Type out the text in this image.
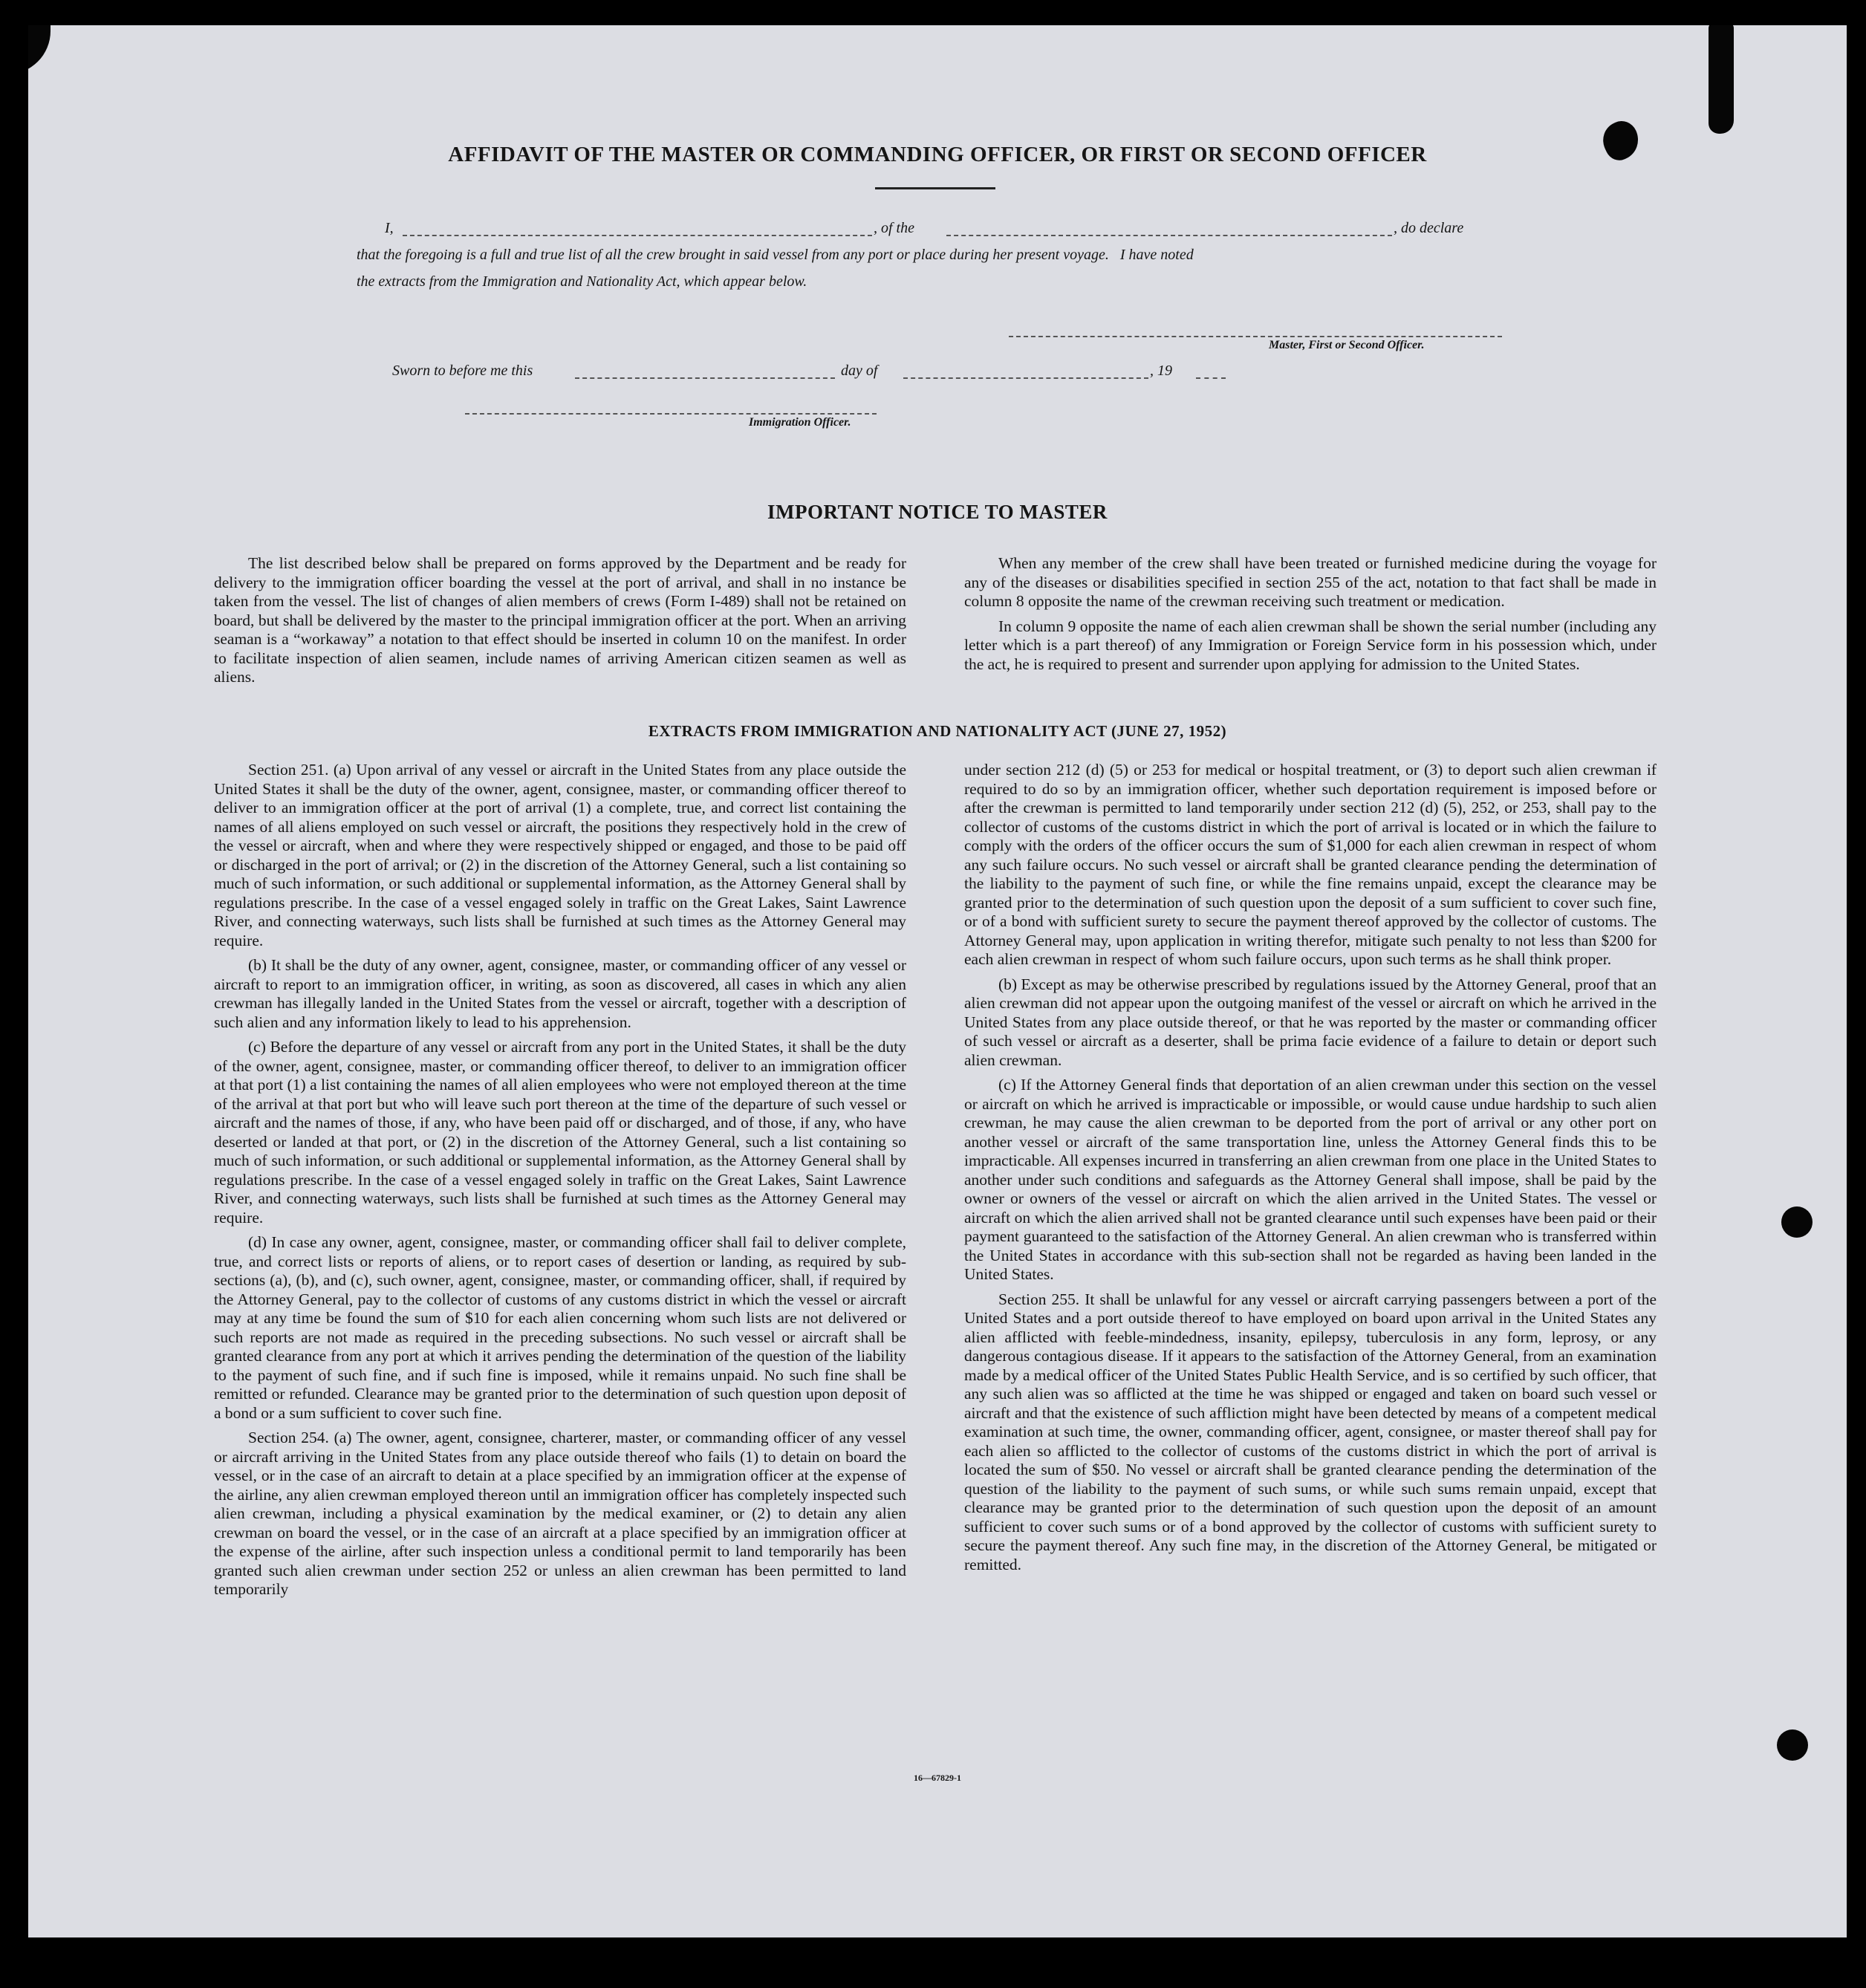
AFFIDAVIT OF THE MASTER OR COMMANDING OFFICER, OR FIRST OR SECOND OFFICER
I,	, of the	, do declare
that the foregoing is a full and true list of all the crew brought in said vessel from any port or place during her present voyage.   I have noted
the extracts from the Immigration and Nationality Act, which appear below.
Master, First or Second Officer.
Sworn to before me this	day of	, 19
Immigration Officer.
IMPORTANT NOTICE TO MASTER

The list described below shall be prepared on forms approved by the Department and be ready for delivery to the immigration officer boarding the vessel at the port of arrival, and shall in no instance be taken from the vessel. The list of changes of alien members of crews (Form I-489) shall not be retained on board, but shall be delivered by the master to the principal immigration officer at the port. When an arriving seaman is a “workaway” a notation to that effect should be inserted in column 10 on the manifest. In order to facilitate inspection of alien seamen, include names of arriving American citizen seamen as well as aliens.

When any member of the crew shall have been treated or furnished medicine during the voyage for any of the diseases or disabilities specified in section 255 of the act, notation to that fact shall be made in column 8 opposite the name of the crewman receiving such treatment or medication.

In column 9 opposite the name of each alien crewman shall be shown the serial number (including any letter which is a part thereof) of any Immigration or Foreign Service form in his possession which, under the act, he is required to present and surrender upon applying for admission to the United States.

EXTRACTS FROM IMMIGRATION AND NATIONALITY ACT (JUNE 27, 1952)

Section 251. (a) Upon arrival of any vessel or aircraft in the United States from any place outside the United States it shall be the duty of the owner, agent, consignee, master, or commanding officer thereof to deliver to an immigration officer at the port of arrival (1) a complete, true, and correct list containing the names of all aliens employed on such vessel or aircraft, the positions they respectively hold in the crew of the vessel or aircraft, when and where they were respectively shipped or engaged, and those to be paid off or discharged in the port of arrival; or (2) in the discretion of the Attorney General, such a list containing so much of such information, or such additional or supplemental information, as the Attorney General shall by regulations prescribe. In the case of a vessel engaged solely in traffic on the Great Lakes, Saint Lawrence River, and connecting waterways, such lists shall be furnished at such times as the Attorney General may require.

(b) It shall be the duty of any owner, agent, consignee, master, or commanding officer of any vessel or aircraft to report to an immigration officer, in writing, as soon as discovered, all cases in which any alien crewman has illegally landed in the United States from the vessel or aircraft, together with a description of such alien and any information likely to lead to his apprehension.

(c) Before the departure of any vessel or aircraft from any port in the United States, it shall be the duty of the owner, agent, consignee, master, or commanding officer thereof, to deliver to an immigration officer at that port (1) a list containing the names of all alien employees who were not employed thereon at the time of the arrival at that port but who will leave such port thereon at the time of the departure of such vessel or aircraft and the names of those, if any, who have been paid off or discharged, and of those, if any, who have deserted or landed at that port, or (2) in the discretion of the Attorney General, such a list containing so much of such information, or such additional or supplemental information, as the Attorney General shall by regulations prescribe. In the case of a vessel engaged solely in traffic on the Great Lakes, Saint Lawrence River, and connecting waterways, such lists shall be furnished at such times as the Attorney General may require.

(d) In case any owner, agent, consignee, master, or commanding officer shall fail to deliver complete, true, and correct lists or reports of aliens, or to report cases of desertion or landing, as required by sub-sections (a), (b), and (c), such owner, agent, consignee, master, or commanding officer, shall, if required by the Attorney General, pay to the collector of customs of any customs district in which the vessel or aircraft may at any time be found the sum of $10 for each alien concerning whom such lists are not delivered or such reports are not made as required in the preceding subsections. No such vessel or aircraft shall be granted clearance from any port at which it arrives pending the determination of the question of the liability to the payment of such fine, and if such fine is imposed, while it remains unpaid. No such fine shall be remitted or refunded. Clearance may be granted prior to the determination of such question upon deposit of a bond or a sum sufficient to cover such fine.

Section 254. (a) The owner, agent, consignee, charterer, master, or commanding officer of any vessel or aircraft arriving in the United States from any place outside thereof who fails (1) to detain on board the vessel, or in the case of an aircraft to detain at a place specified by an immigration officer at the expense of the airline, any alien crewman employed thereon until an immigration officer has completely inspected such alien crewman, including a physical examination by the medical examiner, or (2) to detain any alien crewman on board the vessel, or in the case of an aircraft at a place specified by an immigration officer at the expense of the airline, after such inspection unless a conditional permit to land temporarily has been granted such alien crewman under section 252 or unless an alien crewman has been permitted to land temporarily

under section 212 (d) (5) or 253 for medical or hospital treatment, or (3) to deport such alien crewman if required to do so by an immigration officer, whether such deportation requirement is imposed before or after the crewman is permitted to land temporarily under section 212 (d) (5), 252, or 253, shall pay to the collector of customs of the customs district in which the port of arrival is located or in which the failure to comply with the orders of the officer occurs the sum of $1,000 for each alien crewman in respect of whom any such failure occurs. No such vessel or aircraft shall be granted clearance pending the determination of the liability to the payment of such fine, or while the fine remains unpaid, except the clearance may be granted prior to the determination of such question upon the deposit of a sum sufficient to cover such fine, or of a bond with sufficient surety to secure the payment thereof approved by the collector of customs. The Attorney General may, upon application in writing therefor, mitigate such penalty to not less than $200 for each alien crewman in respect of whom such failure occurs, upon such terms as he shall think proper.

(b) Except as may be otherwise prescribed by regulations issued by the Attorney General, proof that an alien crewman did not appear upon the outgoing manifest of the vessel or aircraft on which he arrived in the United States from any place outside thereof, or that he was reported by the master or commanding officer of such vessel or aircraft as a deserter, shall be prima facie evidence of a failure to detain or deport such alien crewman.

(c) If the Attorney General finds that deportation of an alien crewman under this section on the vessel or aircraft on which he arrived is impracticable or impossible, or would cause undue hardship to such alien crewman, he may cause the alien crewman to be deported from the port of arrival or any other port on another vessel or aircraft of the same transportation line, unless the Attorney General finds this to be impracticable. All expenses incurred in transferring an alien crewman from one place in the United States to another under such conditions and safeguards as the Attorney General shall impose, shall be paid by the owner or owners of the vessel or aircraft on which the alien arrived in the United States. The vessel or aircraft on which the alien arrived shall not be granted clearance until such expenses have been paid or their payment guaranteed to the satisfaction of the Attorney General. An alien crewman who is transferred within the United States in accordance with this sub-section shall not be regarded as having been landed in the United States.

Section 255. It shall be unlawful for any vessel or aircraft carrying passengers between a port of the United States and a port outside thereof to have employed on board upon arrival in the United States any alien afflicted with feeble-mindedness, insanity, epilepsy, tuberculosis in any form, leprosy, or any dangerous contagious disease. If it appears to the satisfaction of the Attorney General, from an examination made by a medical officer of the United States Public Health Service, and is so certified by such officer, that any such alien was so afflicted at the time he was shipped or engaged and taken on board such vessel or aircraft and that the existence of such affliction might have been detected by means of a competent medical examination at such time, the owner, commanding officer, agent, consignee, or master thereof shall pay for each alien so afflicted to the collector of customs of the customs district in which the port of arrival is located the sum of $50. No vessel or aircraft shall be granted clearance pending the determination of the question of the liability to the payment of such sums, or while such sums remain unpaid, except that clearance may be granted prior to the determination of such question upon the deposit of an amount sufficient to cover such sums or of a bond approved by the collector of customs with sufficient surety to secure the payment thereof. Any such fine may, in the discretion of the Attorney General, be mitigated or remitted.

16—67829-1
